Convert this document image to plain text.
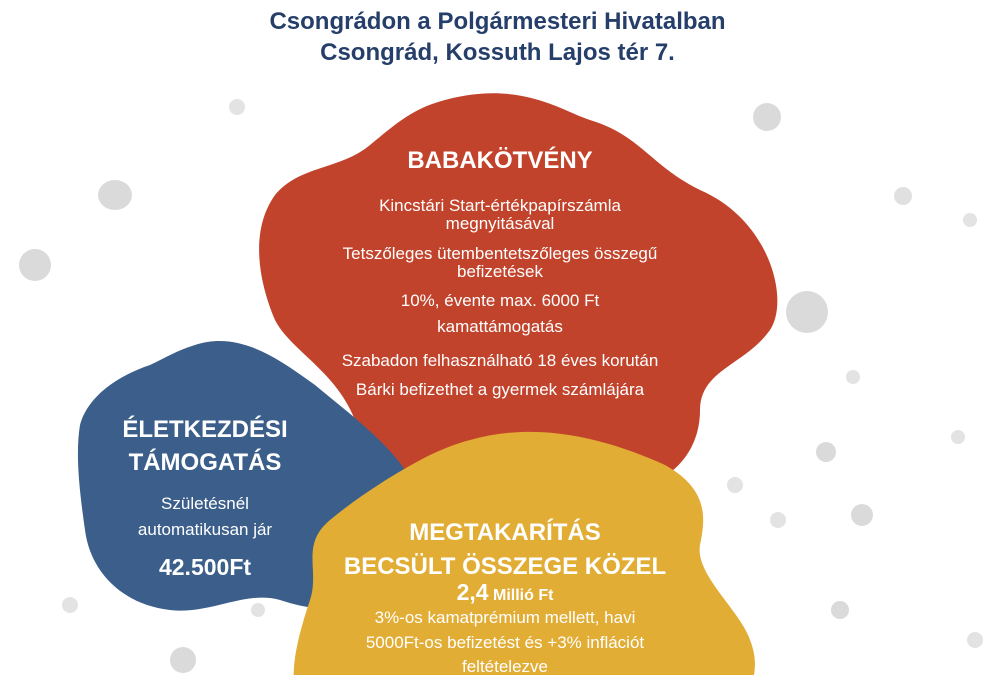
Csongrádon a Polgármesteri Hivatalban
Csongrád, Kossuth Lajos tér 7.
BABAKÖTVÉNY
Kincstári Start-értékpapírszámla
megnyitásával
Tetszőleges ütembentetszőleges összegű
befizetések
10%, évente max. 6000 Ft
kamattámogatás
Szabadon felhasználható 18 éves korután
Bárki befizethet a gyermek számlájára
ÉLETKEZDÉSI
TÁMOGATÁS
Születésnél
automatikusan jár
42.500Ft
MEGTAKARÍTÁS
BECSÜLT ÖSSZEGE KÖZEL
2,4 Millió Ft
3%-os kamatprémium mellett, havi
5000Ft-os befizetést és +3% inflációt
feltételezve
